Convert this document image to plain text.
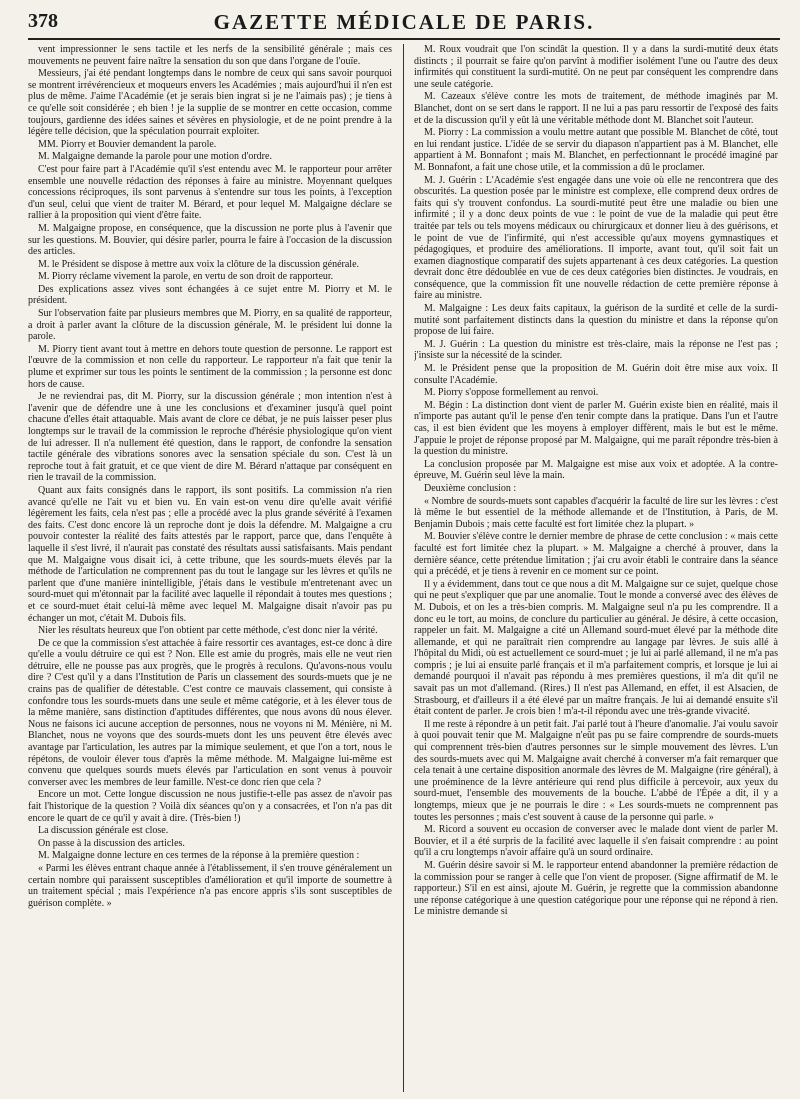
378	GAZETTE MÉDICALE DE PARIS.

vent impressionner le sens tactile et les nerfs de la sensibilité générale ; mais ces mouvements ne peuvent faire naître la sensation du son que dans l'organe de l'ouïe.

Messieurs, j'ai été pendant longtemps dans le nombre de ceux qui sans savoir pourquoi se montrent irrévérencieux et moqueurs envers les Académies ; mais aujourd'hui il n'en est plus de même. J'aime l'Académie (et je serais bien ingrat si je ne l'aimais pas) ; je tiens à ce qu'elle soit considérée ; eh bien ! je la supplie de se montrer en cette occasion, comme toujours, gardienne des idées saines et sévères en physiologie, et de ne point prendre à la légère telle décision, que la spéculation pourrait exploiter.

MM. Piorry et Bouvier demandent la parole.

M. Malgaigne demande la parole pour une motion d'ordre.

C'est pour faire part à l'Académie qu'il s'est entendu avec M. le rapporteur pour arrêter ensemble une nouvelle rédaction des réponses à faire au ministre. Moyennant quelques concessions réciproques, ils sont parvenus à s'entendre sur tous les points, à l'exception d'un seul, celui que vient de traiter M. Bérard, et pour lequel M. Malgaigne déclare se rallier à la proposition qui vient d'être faite.

M. Malgaigne propose, en conséquence, que la discussion ne porte plus à l'avenir que sur les questions. M. Bouvier, qui désire parler, pourra le faire à l'occasion de la discussion des articles.

M. le Président se dispose à mettre aux voix la clôture de la discussion générale.

M. Piorry réclame vivement la parole, en vertu de son droit de rapporteur.

Des explications assez vives sont échangées à ce sujet entre M. Piorry et M. le président.

Sur l'observation faite par plusieurs membres que M. Piorry, en sa qualité de rapporteur, a droit à parler avant la clôture de la discussion générale, M. le président lui donne la parole.

M. Piorry tient avant tout à mettre en dehors toute question de personne. Le rapport est l'œuvre de la commission et non celle du rapporteur. Le rapporteur n'a fait que tenir la plume et exprimer sur tous les points le sentiment de la commission ; la personne est donc hors de cause.

Je ne reviendrai pas, dit M. Piorry, sur la discussion générale ; mon intention n'est à l'avenir que de défendre une à une les conclusions et d'examiner jusqu'à quel point chacune d'elles était attaquable. Mais avant de clore ce débat, je ne puis laisser peser plus longtemps sur le travail de la commission le reproche d'hérésie physiologique qu'on vient de lui adresser. Il n'a nullement été question, dans le rapport, de confondre la sensation tactile générale des vibrations sonores avec la sensation spéciale du son. C'est là un reproche tout à fait gratuit, et ce que vient de dire M. Bérard n'attaque par conséquent en rien le travail de la commission.

Quant aux faits consignés dans le rapport, ils sont positifs. La commission n'a rien avancé qu'elle ne l'ait vu et bien vu. En vain est-on venu dire qu'elle avait vérifié légèrement les faits, cela n'est pas ; elle a procédé avec la plus grande sévérité à l'examen des faits. C'est donc encore là un reproche dont je dois la défendre. M. Malgaigne a cru pouvoir contester la réalité des faits attestés par le rapport, parce que, dans l'enquête à laquelle il s'est livré, il n'aurait pas constaté des résultats aussi satisfaisants. Mais pendant que M. Malgaigne vous disait ici, à cette tribune, que les sourds-muets élevés par la méthode de l'articulation ne comprennent pas du tout le langage sur les lèvres et qu'ils ne parlent que d'une manière inintelligible, j'étais dans le vestibule m'entretenant avec un sourd-muet qui m'étonnait par la facilité avec laquelle il répondait à toutes mes questions ; et ce sourd-muet était celui-là même avec lequel M. Malgaigne disait n'avoir pas pu échanger un mot, c'était M. Dubois fils.

Nier les résultats heureux que l'on obtient par cette méthode, c'est donc nier la vérité.

De ce que la commission s'est attachée à faire ressortir ces avantages, est-ce donc à dire qu'elle a voulu détruire ce qui est ? Non. Elle est amie du progrès, mais elle ne veut rien détruire, elle ne pousse pas aux progrès, que le progrès à reculons. Qu'avons-nous voulu dire ? C'est qu'il y a dans l'Institution de Paris un classement des sourds-muets que je ne crains pas de qualifier de détestable. C'est contre ce mauvais classement, qui consiste à confondre tous les sourds-muets dans une seule et même catégorie, et à les élever tous de la même manière, sans distinction d'aptitudes différentes, que nous avons dû nous élever. Nous ne faisons ici aucune acception de personnes, nous ne voyons ni M. Ménière, ni M. Blanchet, nous ne voyons que des sourds-muets dont les uns peuvent être élevés avec avantage par l'articulation, les autres par la mimique seulement, et que l'on a tort, nous le répétons, de vouloir élever tous d'après la même méthode. M. Malgaigne lui-même est convenu que quelques sourds muets élevés par l'articulation en sont venus à pouvoir converser avec les membres de leur famille. N'est-ce donc rien que cela ?

Encore un mot. Cette longue discussion ne nous justifie-t-elle pas assez de n'avoir pas fait l'historique de la question ? Voilà dix séances qu'on y a consacrées, et l'on n'a pas dit encore le quart de ce qu'il y avait à dire. (Très-bien !)

La discussion générale est close.

On passe à la discussion des articles.

M. Malgaigne donne lecture en ces termes de la réponse à la première question :

« Parmi les élèves entrant chaque année à l'établissement, il s'en trouve généralement un certain nombre qui paraissent susceptibles d'amélioration et qu'il importe de soumettre à un traitement spécial ; mais l'expérience n'a pas encore appris s'ils sont susceptibles de guérison complète. »

M. Roux voudrait que l'on scindât la question. Il y a dans la surdi-mutité deux états distincts ; il pourrait se faire qu'on parvînt à modifier isolément l'une ou l'autre des deux infirmités qui constituent la surdi-mutité. On ne peut par conséquent les comprendre dans une seule catégorie.

M. Cazeaux s'élève contre les mots de traitement, de méthode imaginés par M. Blanchet, dont on se sert dans le rapport. Il ne lui a pas paru ressortir de l'exposé des faits et de la discussion qu'il y eût là une véritable méthode dont M. Blanchet soit l'auteur.

M. Piorry : La commission a voulu mettre autant que possible M. Blanchet de côté, tout en lui rendant justice. L'idée de se servir du diapason n'appartient pas à M. Blanchet, elle appartient à M. Bonnafont ; mais M. Blanchet, en perfectionnant le procédé imaginé par M. Bonnafont, a fait une chose utile, et la commission a dû le proclamer.

M. J. Guérin : L'Académie s'est engagée dans une voie où elle ne rencontrera que des obscurités. La question posée par le ministre est complexe, elle comprend deux ordres de faits qui s'y trouvent confondus. La sourdi-mutité peut être une maladie ou bien une infirmité ; il y a donc deux points de vue : le point de vue de la maladie qui peut être traitée par tels ou tels moyens médicaux ou chirurgicaux et donner lieu à des guérisons, et le point de vue de l'infirmité, qui n'est accessible qu'aux moyens gymnastiques et pédagogiques, et produire des améliorations. Il importe, avant tout, qu'il soit fait un examen diagnostique comparatif des sujets appartenant à ces deux catégories. La question devrait donc être dédoublée en vue de ces deux catégories bien distinctes. Je voudrais, en conséquence, que la commission fît une nouvelle rédaction de cette première réponse à faire au ministre.

M. Malgaigne : Les deux faits capitaux, la guérison de la surdité et celle de la surdi-mutité sont parfaitement distincts dans la question du ministre et dans la réponse qu'on propose de lui faire.

M. J. Guérin : La question du ministre est très-claire, mais la réponse ne l'est pas ; j'insiste sur la nécessité de la scinder.

M. le Président pense que la proposition de M. Guérin doit être mise aux voix. Il consulte l'Académie.

M. Piorry s'oppose formellement au renvoi.

M. Bégin : La distinction dont vient de parler M. Guérin existe bien en réalité, mais il n'importe pas autant qu'il le pense d'en tenir compte dans la pratique. Dans l'un et l'autre cas, il est bien évident que les moyens à employer diffèrent, mais le but est le même. J'appuie le projet de réponse proposé par M. Malgaigne, qui me paraît répondre très-bien à la question du ministre.

La conclusion proposée par M. Malgaigne est mise aux voix et adoptée. A la contre-épreuve, M. Guérin seul lève la main.

Deuxième conclusion :

« Nombre de sourds-muets sont capables d'acquérir la faculté de lire sur les lèvres : c'est là même le but essentiel de la méthode allemande et de l'Institution, à Paris, de M. Benjamin Dubois ; mais cette faculté est fort limitée chez la plupart. »

M. Bouvier s'élève contre le dernier membre de phrase de cette conclusion : « mais cette faculté est fort limitée chez la plupart. » M. Malgaigne a cherché à prouver, dans la dernière séance, cette prétendue limitation ; j'ai cru avoir établi le contraire dans la séance qui a précédé, et je tiens à revenir en ce moment sur ce point.

Il y a évidemment, dans tout ce que nous a dit M. Malgaigne sur ce sujet, quelque chose qui ne peut s'expliquer que par une anomalie. Tout le monde a conversé avec des élèves de M. Dubois, et on les a très-bien compris. M. Malgaigne seul n'a pu les comprendre. Il a donc eu le tort, au moins, de conclure du particulier au général. Je désire, à cette occasion, rappeler un fait. M. Malgaigne a cité un Allemand sourd-muet élevé par la méthode dite allemande, et qui ne paraîtrait rien comprendre au langage par lèvres. Je suis allé à l'hôpital du Midi, où est actuellement ce sourd-muet ; je lui ai parlé allemand, il ne m'a pas compris ; je lui ai ensuite parlé français et il m'a parfaitement compris, et lorsque je lui ai demandé pourquoi il n'avait pas répondu à mes premières questions, il m'a dit qu'il ne savait pas un mot d'allemand. (Rires.) Il n'est pas Allemand, en effet, il est Alsacien, de Strasbourg, et d'ailleurs il a été élevé par un maître français. Je lui ai demandé ensuite s'il était content de parler. Je crois bien ! m'a-t-il répondu avec une très-grande vivacité.

Il me reste à répondre à un petit fait. J'ai parlé tout à l'heure d'anomalie. J'ai voulu savoir à quoi pouvait tenir que M. Malgaigne n'eût pas pu se faire comprendre de sourds-muets qui comprennent très-bien d'autres personnes sur le simple mouvement des lèvres. L'un des sourds-muets avec qui M. Malgaigne avait cherché à converser m'a fait remarquer que cela tenait à une certaine disposition anormale des lèvres de M. Malgaigne (rire général), à une proéminence de la lèvre antérieure qui rend plus difficile à percevoir, aux yeux du sourd-muet, l'ensemble des mouvements de la bouche. L'abbé de l'Épée a dit, il y a longtemps, mieux que je ne pourrais le dire : « Les sourds-muets ne comprennent pas toutes les personnes ; mais c'est souvent à cause de la personne qui parle. »

M. Ricord a souvent eu occasion de converser avec le malade dont vient de parler M. Bouvier, et il a été surpris de la facilité avec laquelle il s'en faisait comprendre : au point qu'il a cru longtemps n'avoir affaire qu'à un sourd ordinaire.

M. Guérin désire savoir si M. le rapporteur entend abandonner la première rédaction de la commission pour se ranger à celle que l'on vient de proposer. (Signe affirmatif de M. le rapporteur.) S'il en est ainsi, ajoute M. Guérin, je regrette que la commission abandonne une réponse catégorique à une question catégorique pour une réponse qui ne répond à rien. Le ministre demande si
